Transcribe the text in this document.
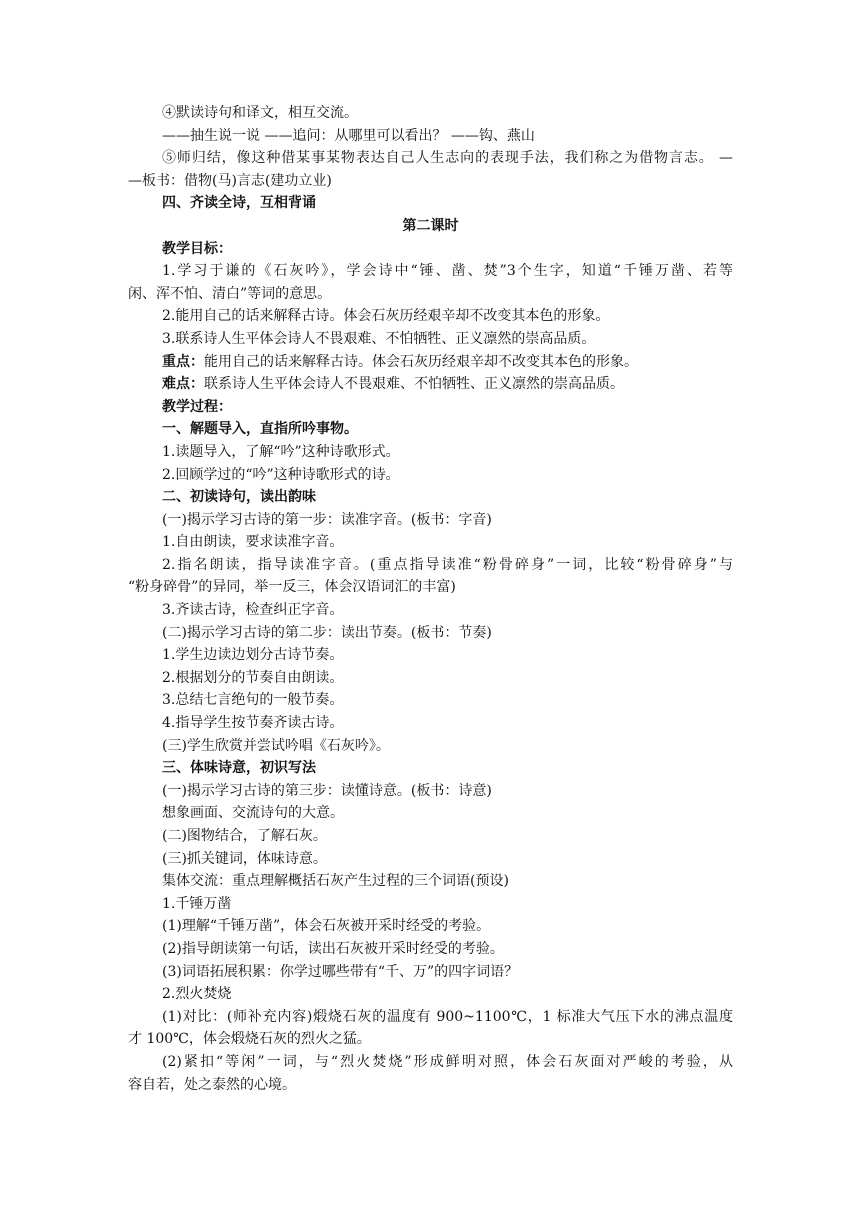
④默读诗句和译文，相互交流。
——抽生说一说 ——追问：从哪里可以看出？ ——钩、燕山
⑤师归结，像这种借某事某物表达自己人生志向的表现手法，我们称之为借物言志。 —
—板书：借物(马)言志(建功立业)
四、齐读全诗，互相背诵
第二课时
教学目标：
1.学习于谦的《石灰吟》，学会诗中“锤、凿、焚”3个生字，知道“千锤万凿、若等
闲、浑不怕、清白”等词的意思。
2.能用自己的话来解释古诗。体会石灰历经艰辛却不改变其本色的形象。
3.联系诗人生平体会诗人不畏艰难、不怕牺牲、正义凛然的崇高品质。
重点：能用自己的话来解释古诗。体会石灰历经艰辛却不改变其本色的形象。
难点：联系诗人生平体会诗人不畏艰难、不怕牺牲、正义凛然的崇高品质。
教学过程：
一、解题导入，直指所吟事物。
1.读题导入，了解“吟”这种诗歌形式。
2.回顾学过的“吟”这种诗歌形式的诗。
二、初读诗句，读出韵味
(一)揭示学习古诗的第一步：读准字音。(板书：字音)
1.自由朗读，要求读准字音。
2.指名朗读，指导读准字音。(重点指导读准“粉骨碎身”一词，比较“粉骨碎身”与
“粉身碎骨”的异同，举一反三，体会汉语词汇的丰富)
3.齐读古诗，检查纠正字音。
(二)揭示学习古诗的第二步：读出节奏。(板书：节奏)
1.学生边读边划分古诗节奏。
2.根据划分的节奏自由朗读。
3.总结七言绝句的一般节奏。
4.指导学生按节奏齐读古诗。
(三)学生欣赏并尝试吟唱《石灰吟》。
三、体味诗意，初识写法
(一)揭示学习古诗的第三步：读懂诗意。(板书：诗意)
想象画面、交流诗句的大意。
(二)图物结合，了解石灰。
(三)抓关键词，体味诗意。
集体交流：重点理解概括石灰产生过程的三个词语(预设)
1.千锤万凿
(1)理解“千锤万凿”，体会石灰被开采时经受的考验。
(2)指导朗读第一句话，读出石灰被开采时经受的考验。
(3)词语拓展积累：你学过哪些带有“千、万”的四字词语？
2.烈火焚烧
(1)对比：(师补充内容)煅烧石灰的温度有 900~1100℃，1 标准大气压下水的沸点温度
才 100℃，体会煅烧石灰的烈火之猛。
(2)紧扣“等闲”一词，与“烈火焚烧”形成鲜明对照，体会石灰面对严峻的考验，从
容自若，处之泰然的心境。
